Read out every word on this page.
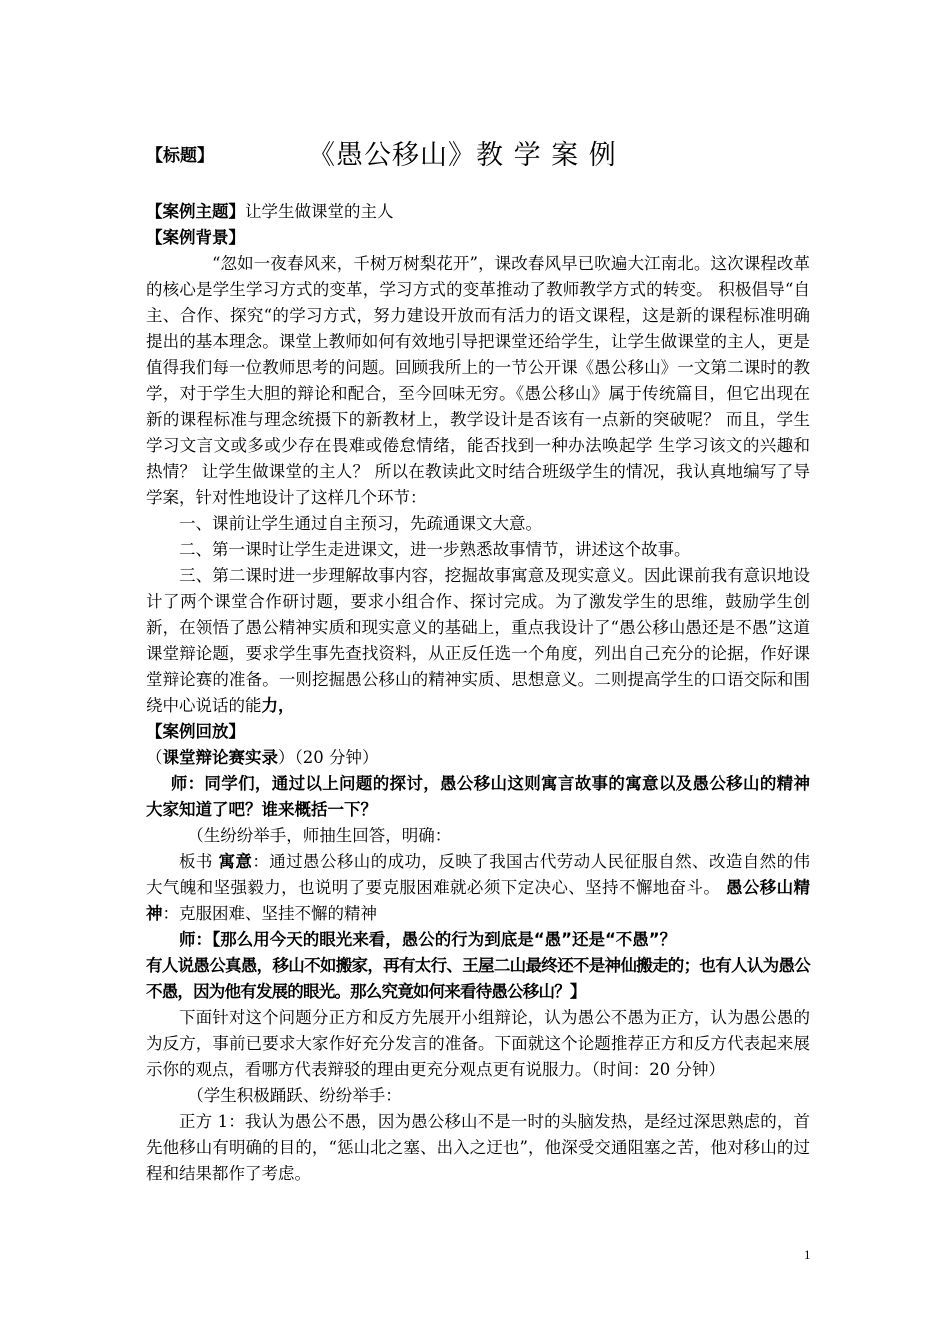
【标题】	《愚公移山》教 学 案 例

【案例主题】让学生做课堂的主人

【案例背景】

“忽如一夜春风来，千树万树梨花开”，课改春风早已吹遍大江南北。这次课程改革的核心是学生学习方式的变革，学习方式的变革推动了教师教学方式的转变。 积极倡导“自主、合作、探究“的学习方式，努力建设开放而有活力的语文课程，这是新的课程标准明确提出的基本理念。课堂上教师如何有效地引导把课堂还给学生，让学生做课堂的主人，更是值得我们每一位教师思考的问题。回顾我所上的一节公开课《愚公移山》一文第二课时的教学，对于学生大胆的辩论和配合，至今回味无穷。《愚公移山》属于传统篇目，但它出现在新的课程标准与理念统摄下的新教材上，教学设计是否该有一点新的突破呢？ 而且，学生学习文言文或多或少存在畏难或倦怠情绪，能否找到一种办法唤起学 生学习该文的兴趣和热情？ 让学生做课堂的主人？ 所以在教读此文时结合班级学生的情况，我认真地编写了导学案，针对性地设计了这样几个环节：

一、课前让学生通过自主预习，先疏通课文大意。

二、第一课时让学生走进课文，进一步熟悉故事情节，讲述这个故事。

三、第二课时进一步理解故事内容，挖掘故事寓意及现实意义。因此课前我有意识地设计了两个课堂合作研讨题，要求小组合作、探讨完成。为了激发学生的思维，鼓励学生创新，在领悟了愚公精神实质和现实意义的基础上，重点我设计了“愚公移山愚还是不愚”这道课堂辩论题，要求学生事先查找资料，从正反任选一个角度，列出自己充分的论据，作好课堂辩论赛的准备。一则挖掘愚公移山的精神实质、思想意义。二则提高学生的口语交际和围绕中心说话的能力，

【案例回放】

（课堂辩论赛实录）（20 分钟）

师：同学们，通过以上问题的探讨，愚公移山这则寓言故事的寓意以及愚公移山的精神大家知道了吧？谁来概括一下？

（生纷纷举手，师抽生回答，明确：

板书 寓意：通过愚公移山的成功，反映了我国古代劳动人民征服自然、改造自然的伟大气魄和坚强毅力，也说明了要克服困难就必须下定决心、坚持不懈地奋斗。 愚公移山精神：克服困难、坚挂不懈的精神

师：【那么用今天的眼光来看，愚公的行为到底是“愚”还是“不愚”？

有人说愚公真愚，移山不如搬家，再有太行、王屋二山最终还不是神仙搬走的；也有人认为愚公不愚，因为他有发展的眼光。那么究竟如何来看待愚公移山？】

下面针对这个问题分正方和反方先展开小组辩论，认为愚公不愚为正方，认为愚公愚的为反方，事前已要求大家作好充分发言的准备。下面就这个论题推荐正方和反方代表起来展示你的观点，看哪方代表辩驳的理由更充分观点更有说服力。（时间：20 分钟）

（学生积极踊跃、纷纷举手：

正方 1：我认为愚公不愚，因为愚公移山不是一时的头脑发热，是经过深思熟虑的，首先他移山有明确的目的，“惩山北之塞、出入之迂也”，他深受交通阻塞之苦，他对移山的过程和结果都作了考虑。

1
